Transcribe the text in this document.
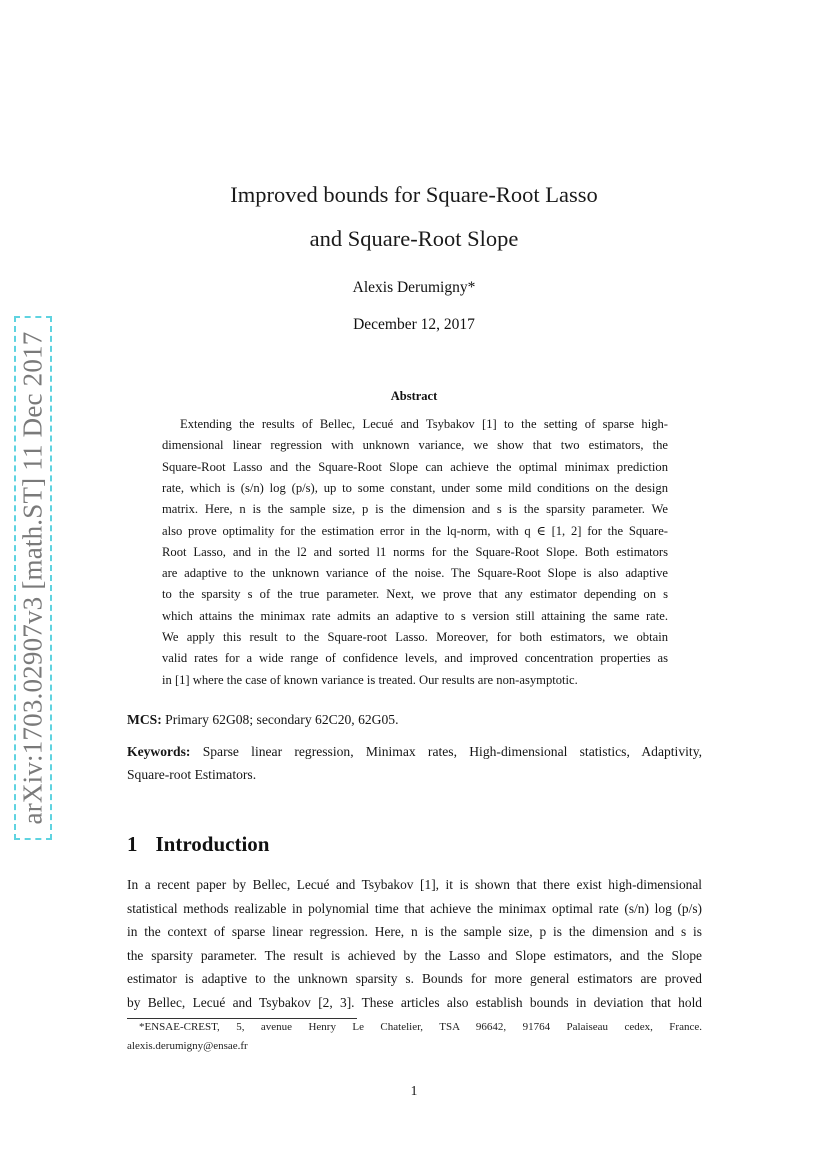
arXiv:1703.02907v3 [math.ST] 11 Dec 2017
Improved bounds for Square-Root Lasso
and Square-Root Slope
Alexis Derumigny*
December 12, 2017
Abstract
Extending the results of Bellec, Lecué and Tsybakov [1] to the setting of sparse high-
dimensional linear regression with unknown variance, we show that two estimators, the
Square-Root Lasso and the Square-Root Slope can achieve the optimal minimax prediction
rate, which is (s/n) log (p/s), up to some constant, under some mild conditions on the design
matrix. Here, n is the sample size, p is the dimension and s is the sparsity parameter. We
also prove optimality for the estimation error in the lq-norm, with q ∈ [1, 2] for the Square-
Root Lasso, and in the l2 and sorted l1 norms for the Square-Root Slope. Both estimators
are adaptive to the unknown variance of the noise. The Square-Root Slope is also adaptive
to the sparsity s of the true parameter. Next, we prove that any estimator depending on s
which attains the minimax rate admits an adaptive to s version still attaining the same rate.
We apply this result to the Square-root Lasso. Moreover, for both estimators, we obtain
valid rates for a wide range of confidence levels, and improved concentration properties as
in [1] where the case of known variance is treated. Our results are non-asymptotic.
MCS: Primary 62G08; secondary 62C20, 62G05.
Keywords: Sparse linear regression, Minimax rates, High-dimensional statistics, Adaptivity,
Square-root Estimators.
1 Introduction
In a recent paper by Bellec, Lecué and Tsybakov [1], it is shown that there exist high-dimensional
statistical methods realizable in polynomial time that achieve the minimax optimal rate (s/n) log (p/s)
in the context of sparse linear regression. Here, n is the sample size, p is the dimension and s is
the sparsity parameter. The result is achieved by the Lasso and Slope estimators, and the Slope
estimator is adaptive to the unknown sparsity s. Bounds for more general estimators are proved
by Bellec, Lecué and Tsybakov [2, 3]. These articles also establish bounds in deviation that hold
*ENSAE-CREST, 5, avenue Henry Le Chatelier, TSA 96642, 91764 Palaiseau cedex, France.
alexis.derumigny@ensae.fr
1
